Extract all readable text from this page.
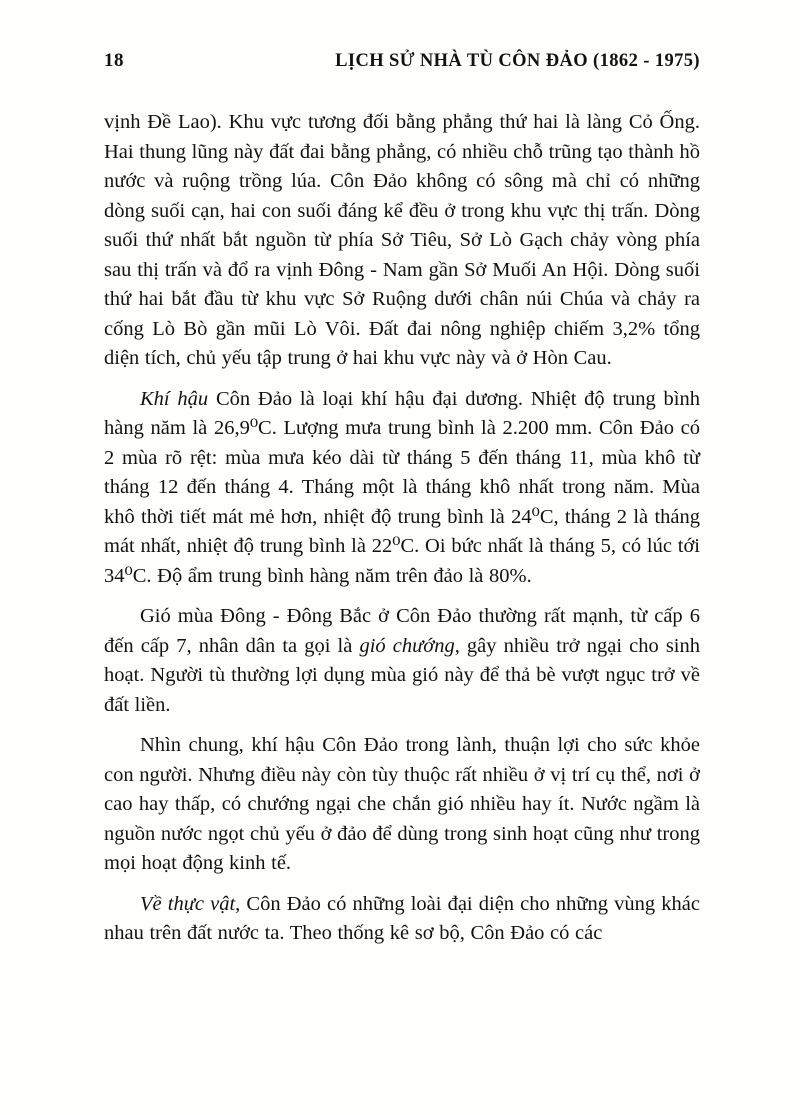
18	LỊCH SỬ NHÀ TÙ CÔN ĐẢO (1862 - 1975)

vịnh Đề Lao). Khu vực tương đối bằng phẳng thứ hai là làng Cỏ Ống. Hai thung lũng này đất đai bằng phẳng, có nhiều chỗ trũng tạo thành hồ nước và ruộng trồng lúa. Côn Đảo không có sông mà chỉ có những dòng suối cạn, hai con suối đáng kể đều ở trong khu vực thị trấn. Dòng suối thứ nhất bắt nguồn từ phía Sở Tiêu, Sở Lò Gạch chảy vòng phía sau thị trấn và đổ ra vịnh Đông - Nam gần Sở Muối An Hội. Dòng suối thứ hai bắt đầu từ khu vực Sở Ruộng dưới chân núi Chúa và chảy ra cống Lò Bò gần mũi Lò Vôi. Đất đai nông nghiệp chiếm 3,2% tổng diện tích, chủ yếu tập trung ở hai khu vực này và ở Hòn Cau.

Khí hậu Côn Đảo là loại khí hậu đại dương. Nhiệt độ trung bình hàng năm là 26,9⁰C. Lượng mưa trung bình là 2.200 mm. Côn Đảo có 2 mùa rõ rệt: mùa mưa kéo dài từ tháng 5 đến tháng 11, mùa khô từ tháng 12 đến tháng 4. Tháng một là tháng khô nhất trong năm. Mùa khô thời tiết mát mẻ hơn, nhiệt độ trung bình là 24⁰C, tháng 2 là tháng mát nhất, nhiệt độ trung bình là 22⁰C. Oi bức nhất là tháng 5, có lúc tới 34⁰C. Độ ẩm trung bình hàng năm trên đảo là 80%.

Gió mùa Đông - Đông Bắc ở Côn Đảo thường rất mạnh, từ cấp 6 đến cấp 7, nhân dân ta gọi là gió chướng, gây nhiều trở ngại cho sinh hoạt. Người tù thường lợi dụng mùa gió này để thả bè vượt ngục trở về đất liền.

Nhìn chung, khí hậu Côn Đảo trong lành, thuận lợi cho sức khỏe con người. Nhưng điều này còn tùy thuộc rất nhiều ở vị trí cụ thể, nơi ở cao hay thấp, có chướng ngại che chắn gió nhiều hay ít. Nước ngầm là nguồn nước ngọt chủ yếu ở đảo để dùng trong sinh hoạt cũng như trong mọi hoạt động kinh tế.

Về thực vật, Côn Đảo có những loài đại diện cho những vùng khác nhau trên đất nước ta. Theo thống kê sơ bộ, Côn Đảo có các
